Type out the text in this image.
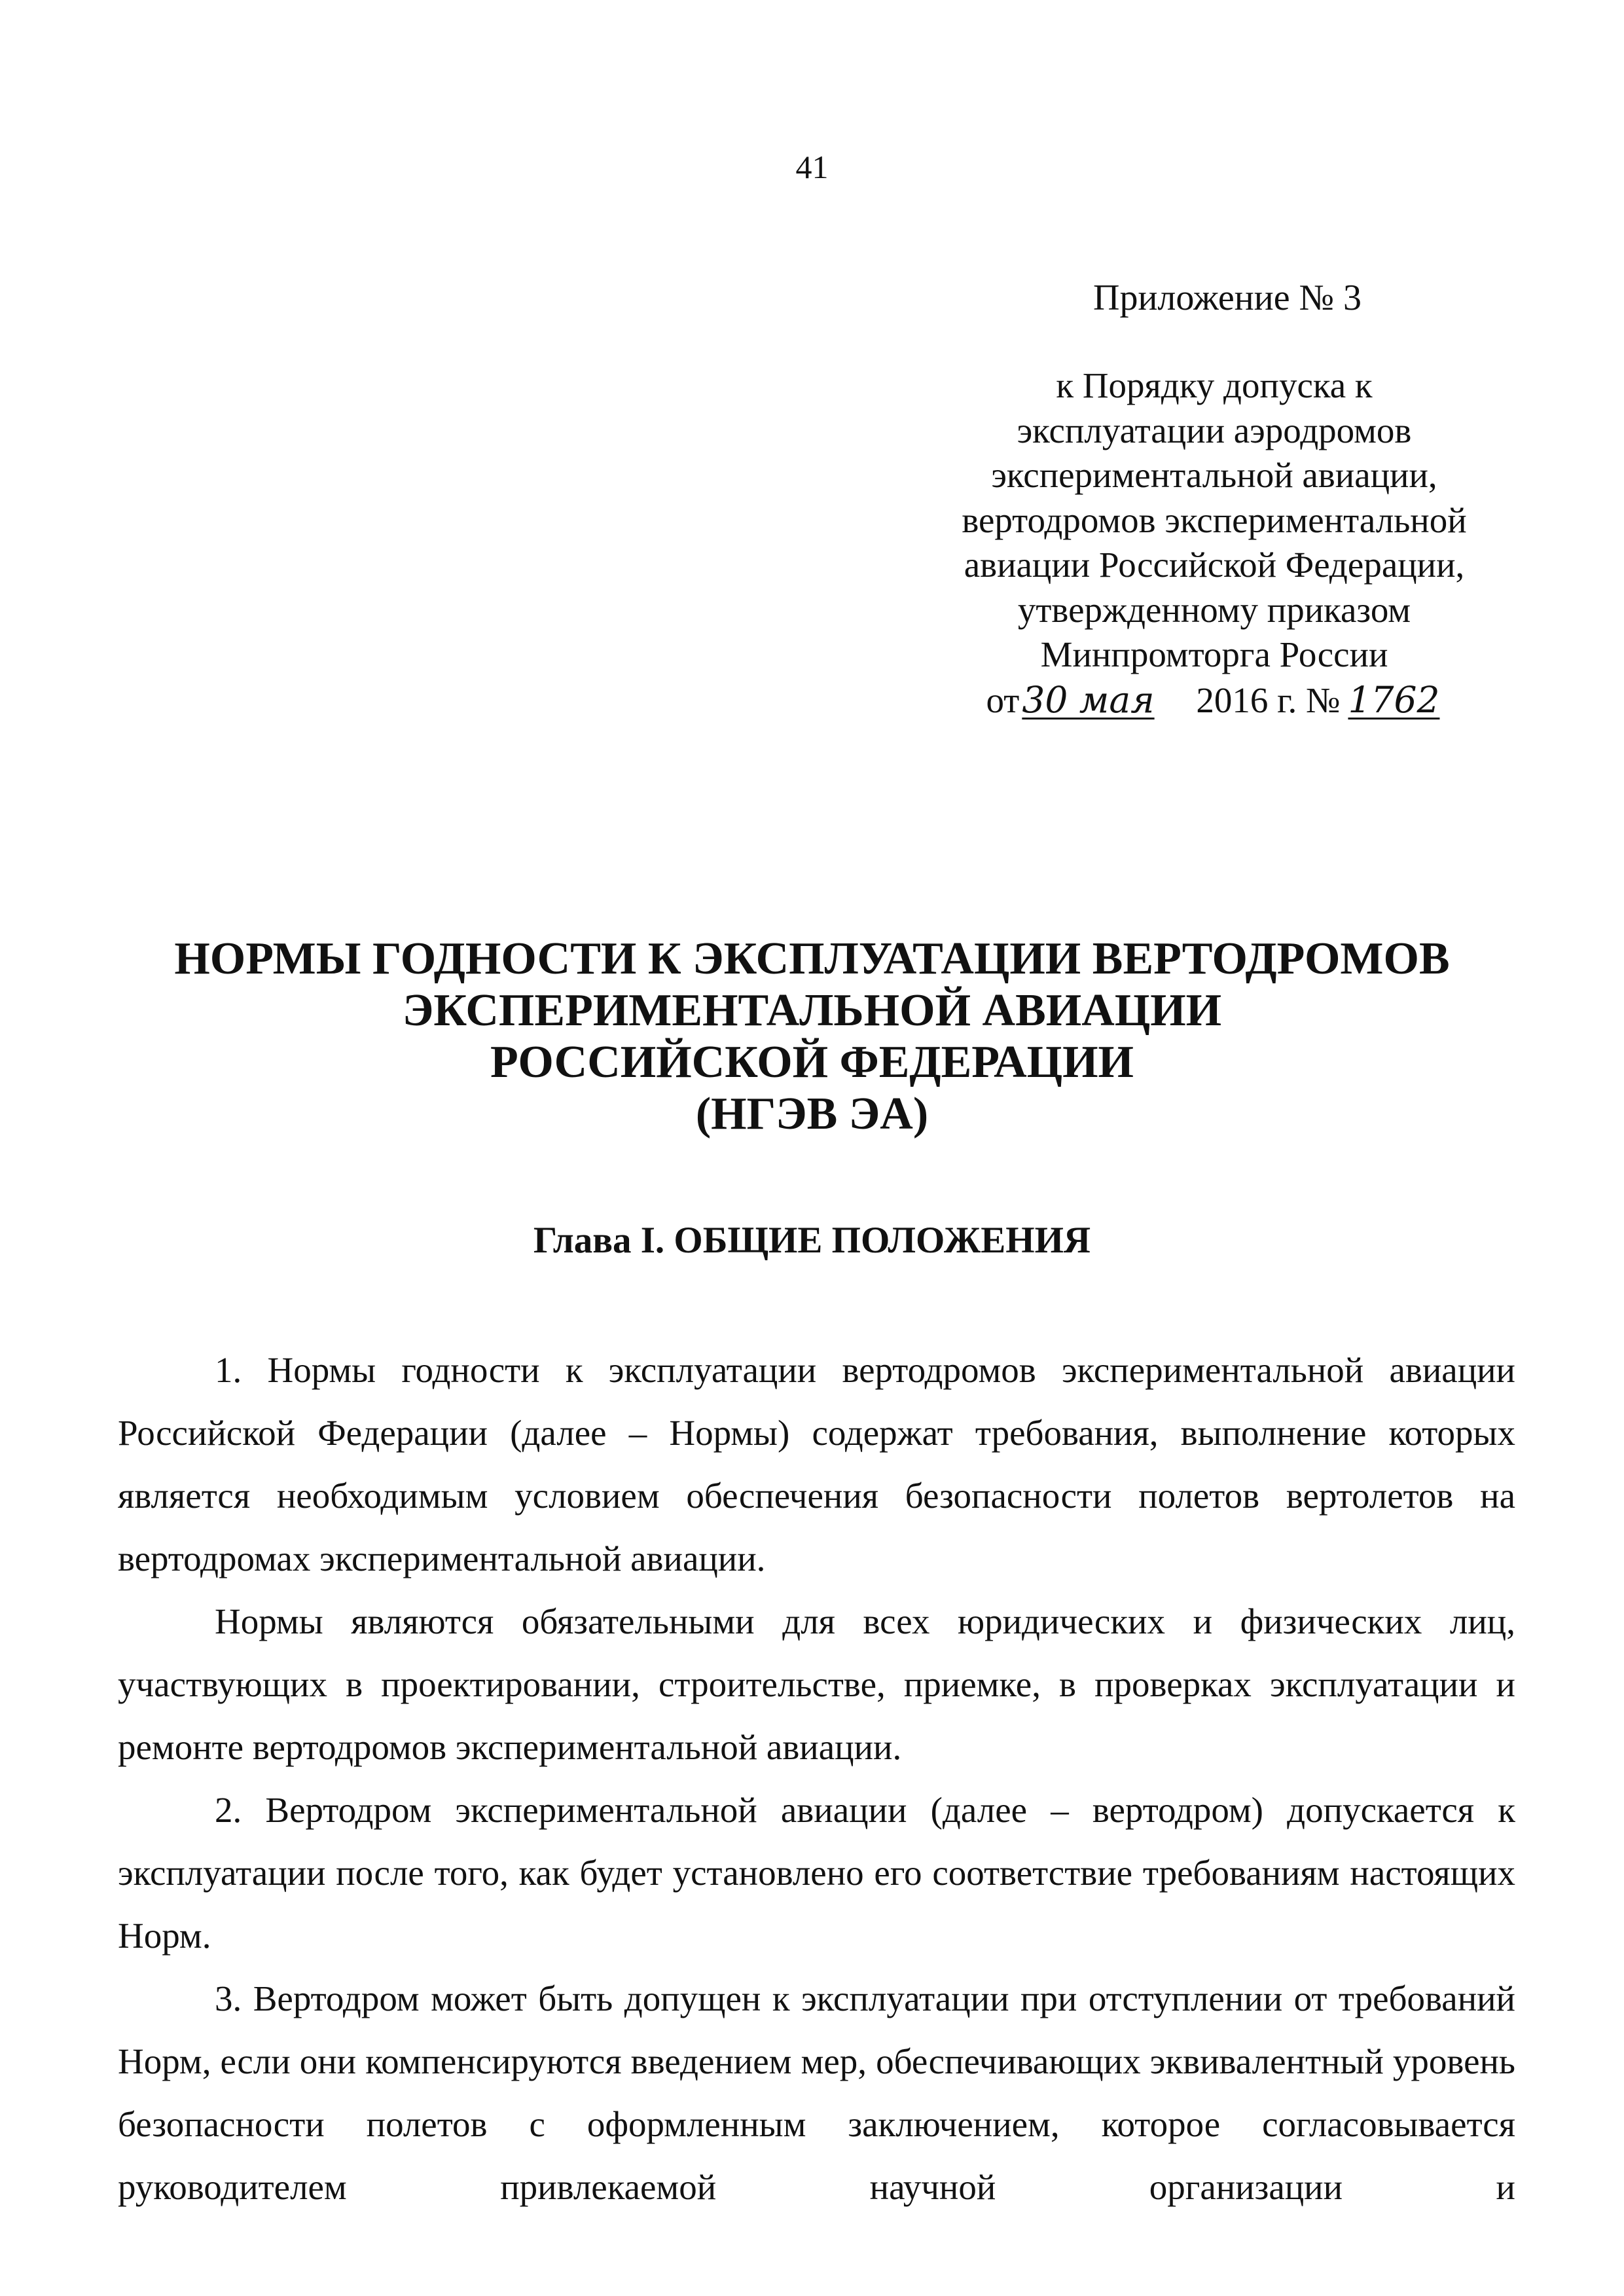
41
Приложение № 3
к Порядку допуска к
эксплуатации аэродромов
экспериментальной авиации,
вертодромов экспериментальной
авиации Российской Федерации,
утвержденному приказом
Минпромторга России
от30 мая 2016 г. № 1762
НОРМЫ ГОДНОСТИ К ЭКСПЛУАТАЦИИ ВЕРТОДРОМОВ
ЭКСПЕРИМЕНТАЛЬНОЙ АВИАЦИИ
РОССИЙСКОЙ ФЕДЕРАЦИИ
(НГЭВ ЭА)
Глава I. ОБЩИЕ ПОЛОЖЕНИЯ

1. Нормы годности к эксплуатации вертодромов экспериментальной авиации Российской Федерации (далее – Нормы) содержат требования, выполнение которых является необходимым условием обеспечения безопасности полетов вертолетов на вертодромах экспериментальной авиации.

Нормы являются обязательными для всех юридических и физических лиц, участвующих в проектировании, строительстве, приемке, в проверках эксплуатации и ремонте вертодромов экспериментальной авиации.

2. Вертодром экспериментальной авиации (далее – вертодром) допускается к эксплуатации после того, как будет установлено его соответствие требованиям настоящих Норм.

3. Вертодром может быть допущен к эксплуатации при отступлении от требований Норм, если они компенсируются введением мер, обеспечивающих эквивалентный уровень безопасности полетов с оформленным заключением, которое согласовывается руководителем привлекаемой научной организации и
